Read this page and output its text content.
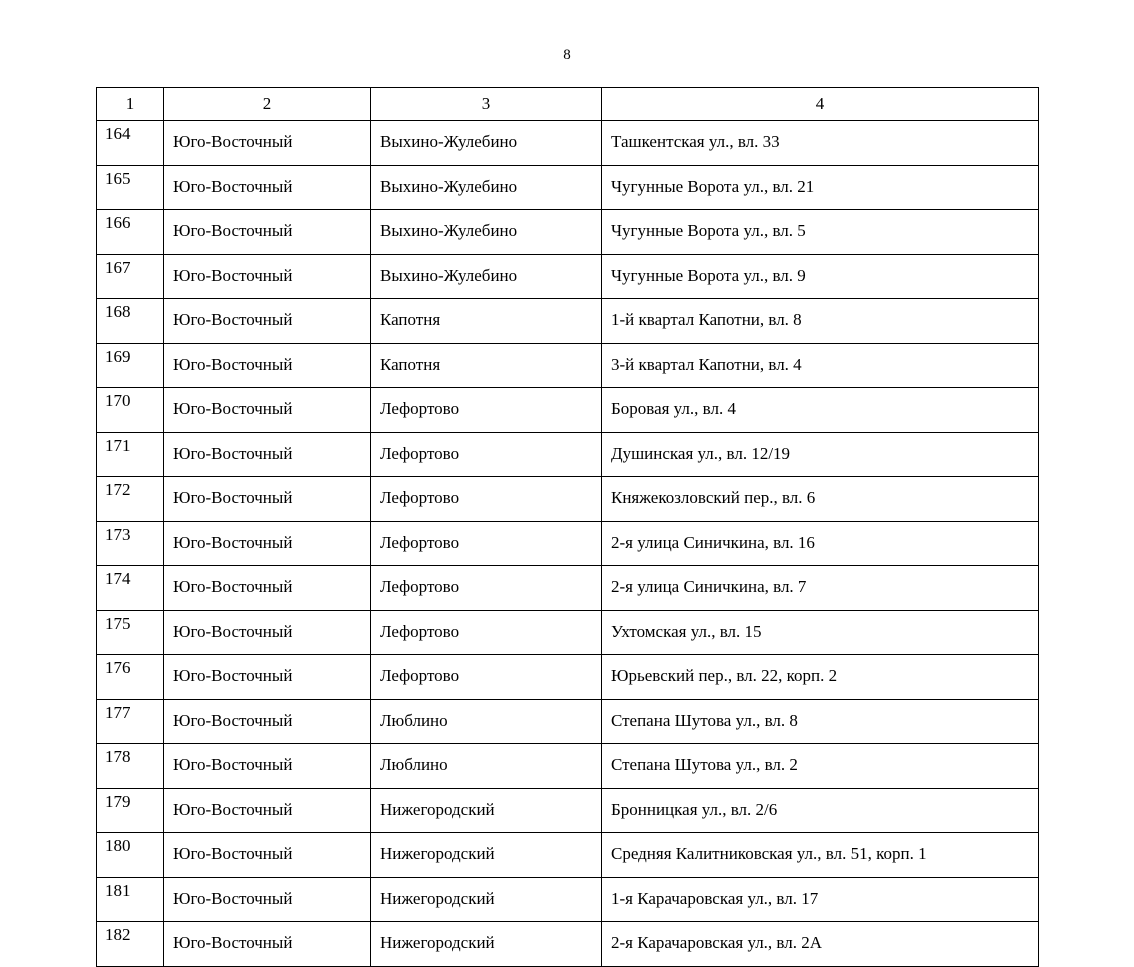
8
1	2	3	4
164	Юго-Восточный	Выхино-Жулебино	Ташкентская ул., вл. 33
165	Юго-Восточный	Выхино-Жулебино	Чугунные Ворота ул., вл. 21
166	Юго-Восточный	Выхино-Жулебино	Чугунные Ворота ул., вл. 5
167	Юго-Восточный	Выхино-Жулебино	Чугунные Ворота ул., вл. 9
168	Юго-Восточный	Капотня	1-й квартал Капотни, вл. 8
169	Юго-Восточный	Капотня	3-й квартал Капотни, вл. 4
170	Юго-Восточный	Лефортово	Боровая ул., вл. 4
171	Юго-Восточный	Лефортово	Душинская ул., вл. 12/19
172	Юго-Восточный	Лефортово	Княжекозловский пер., вл. 6
173	Юго-Восточный	Лефортово	2-я улица Синичкина, вл. 16
174	Юго-Восточный	Лефортово	2-я улица Синичкина, вл. 7
175	Юго-Восточный	Лефортово	Ухтомская ул., вл. 15
176	Юго-Восточный	Лефортово	Юрьевский пер., вл. 22, корп. 2
177	Юго-Восточный	Люблино	Степана Шутова ул., вл. 8
178	Юго-Восточный	Люблино	Степана Шутова ул., вл. 2
179	Юго-Восточный	Нижегородский	Бронницкая ул., вл. 2/6
180	Юго-Восточный	Нижегородский	Средняя Калитниковская ул., вл. 51, корп. 1
181	Юго-Восточный	Нижегородский	1-я Карачаровская ул., вл. 17
182	Юго-Восточный	Нижегородский	2-я Карачаровская ул., вл. 2А
